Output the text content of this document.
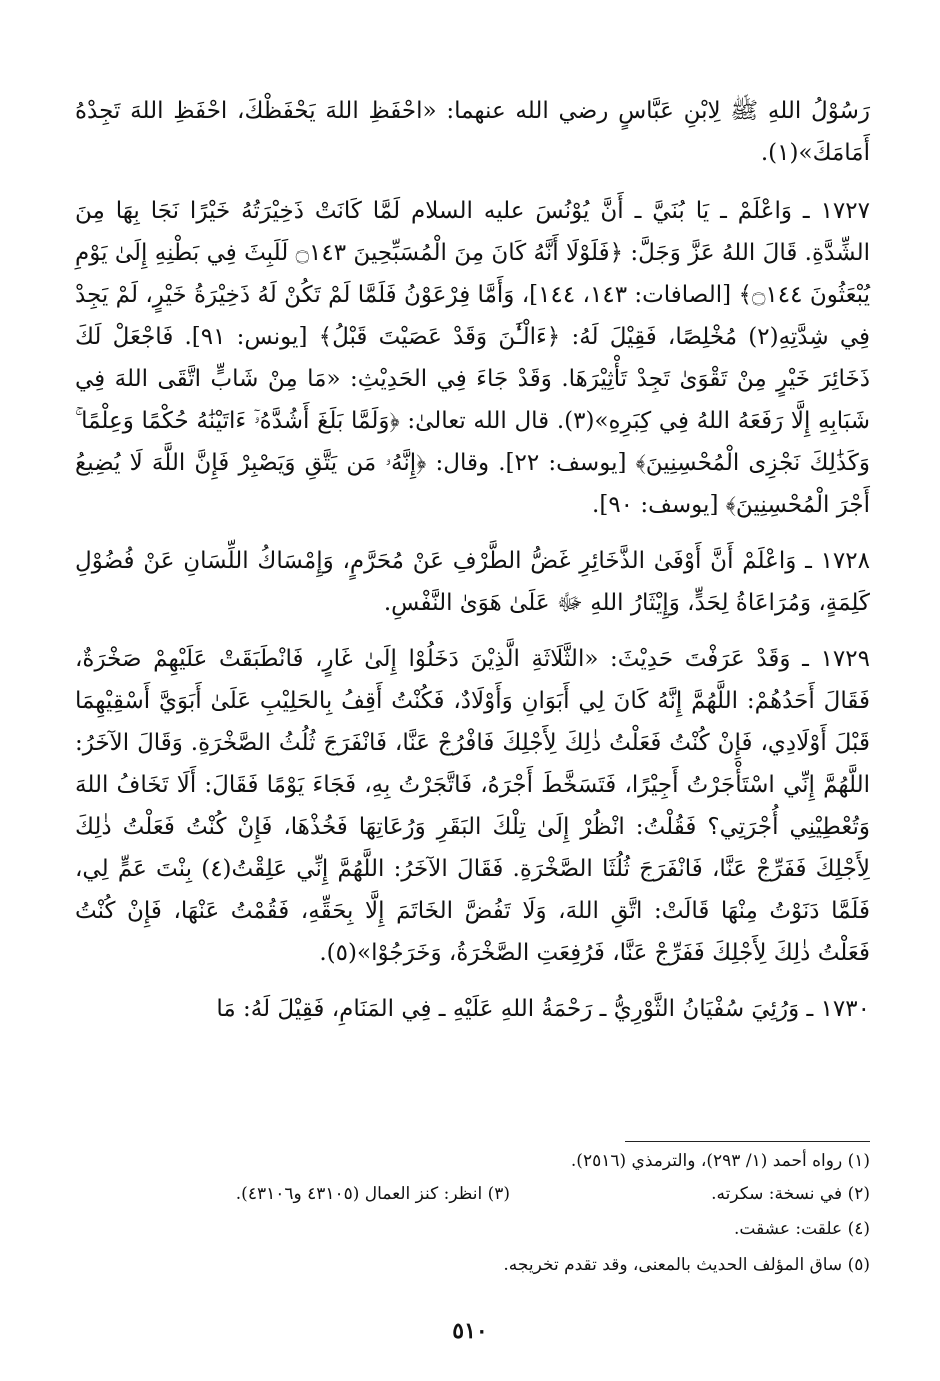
رَسُوْلُ اللهِ ﷺ لِابْنِ عَبَّاسٍ رضي الله عنهما: «احْفَظِ اللهَ يَحْفَظْكَ، احْفَظِ اللهَ تَجِدْهُ أَمَامَكَ»(١).

١٧٢٧ ـ وَاعْلَمْ ـ يَا بُنَيَّ ـ أَنَّ يُوْنُسَ عليه السلام لَمَّا كَانَتْ ذَخِيْرَتُهُ خَيْرًا نَجَا بِهَا مِنَ الشِّدَّةِ. قَالَ اللهُ عَزَّ وَجَلَّ: ﴿فَلَوْلَا أَنَّهُ كَانَ مِنَ الْمُسَبِّحِينَ ۝١٤٣ لَلَبِثَ فِي بَطْنِهِ إِلَىٰ يَوْمِ يُبْعَثُونَ ۝١٤٤﴾ [الصافات: ١٤٣، ١٤٤]، وَأَمَّا فِرْعَوْنُ فَلَمَّا لَمْ تَكُنْ لَهُ ذَخِيْرَةُ خَيْرٍ، لَمْ يَجِدْ فِي شِدَّتِهِ(٢) مُخْلِصًا، فَقِيْلَ لَهُ: ﴿ءَالْـَٰٔنَ وَقَدْ عَصَيْتَ قَبْلُ﴾ [يونس: ٩١]. فَاجْعَلْ لَكَ ذَخَائِرَ خَيْرٍ مِنْ تَقْوَىٰ تَجِدْ تَأْثِيْرَهَا. وَقَدْ جَاءَ فِي الحَدِيْثِ: «مَا مِنْ شَابٍّ اتَّقَى اللهَ فِي شَبَابِهِ إِلَّا رَفَعَهُ اللهُ فِي كِبَرِهِ»(٣). قال الله تعالىٰ: ﴿وَلَمَّا بَلَغَ أَشُدَّهُۥٓ ءَاتَيْنَٰهُ حُكْمًا وَعِلْمًا ۚ وَكَذَٰلِكَ نَجْزِى الْمُحْسِنِينَ﴾ [يوسف: ٢٢]. وقال: ﴿إِنَّهُۥ مَن يَتَّقِ وَيَصْبِرْ فَإِنَّ اللَّهَ لَا يُضِيعُ أَجْرَ الْمُحْسِنِينَ﴾ [يوسف: ٩٠].

١٧٢٨ ـ وَاعْلَمْ أَنَّ أَوْفَىٰ الذَّخَائِرِ غَضُّ الطَّرْفِ عَنْ مُحَرَّمٍ، وَإِمْسَاكُ اللِّسَانِ عَنْ فُضُوْلِ كَلِمَةٍ، وَمُرَاعَاةُ لِحَدٍّ، وَإِيْثَارُ اللهِ ﷻ عَلَىٰ هَوَىٰ النَّفْسِ.

١٧٢٩ ـ وَقَدْ عَرَفْتَ حَدِيْثَ: «الثَّلَاثَةِ الَّذِيْنَ دَخَلُوْا إِلَىٰ غَارٍ، فَانْطَبَقَتْ عَلَيْهِمْ صَخْرَةٌ، فَقَالَ أَحَدُهُمْ: اللَّهُمَّ إِنَّهُ كَانَ لِي أَبَوَانِ وَأَوْلَادٌ، فَكُنْتُ أَقِفُ بِالحَلِيْبِ عَلَىٰ أَبَوَيَّ أَسْقِيْهِمَا قَبْلَ أَوْلَادِي، فَإِنْ كُنْتُ فَعَلْتُ ذٰلِكَ لِأَجْلِكَ فَافْرُجْ عَنَّا، فَانْفَرَجَ ثُلُثُ الصَّخْرَةِ. وَقَالَ الآخَرُ: اللَّهُمَّ إِنِّي اسْتَأْجَرْتُ أَجِيْرًا، فَتَسَخَّطَ أَجْرَهُ، فَاتَّجَرْتُ بِهِ، فَجَاءَ يَوْمًا فَقَالَ: أَلَا تَخَافُ اللهَ وَتُعْطِيْنِي أُجْرَتِي؟ فَقُلْتُ: انْظُرْ إِلَىٰ تِلْكَ البَقَرِ وَرُعَاتِهَا فَخُذْهَا، فَإِنْ كُنْتُ فَعَلْتُ ذٰلِكَ لِأَجْلِكَ فَفَرِّجْ عَنَّا، فَانْفَرَجَ ثُلُثَا الصَّخْرَةِ. فَقَالَ الآخَرُ: اللَّهُمَّ إِنِّي عَلِقْتُ(٤) بِنْتَ عَمٍّ لِي، فَلَمَّا دَنَوْتُ مِنْهَا قَالَتْ: اتَّقِ اللهَ، وَلَا تَفُضَّ الخَاتَمَ إِلَّا بِحَقِّهِ، فَقُمْتُ عَنْهَا، فَإِنْ كُنْتُ فَعَلْتُ ذٰلِكَ لِأَجْلِكَ فَفَرِّجْ عَنَّا، فَرُفِعَتِ الصَّخْرَةُ، وَخَرَجُوْا»(٥).

١٧٣٠ ـ وَرُئِيَ سُفْيَانُ الثَّوْرِيُّ ـ رَحْمَةُ اللهِ عَلَيْهِ ـ فِي المَنَامِ، فَقِيْلَ لَهُ: مَا

(١) رواه أحمد (١/ ٢٩٣)، والترمذي (٢٥١٦).
(٢) في نسخة: سكرته.
(٣) انظر: كنز العمال (٤٣١٠٥ و٤٣١٠٦).
(٤) علقت: عشقت.
(٥) ساق المؤلف الحديث بالمعنى، وقد تقدم تخريجه.
٥١٠
